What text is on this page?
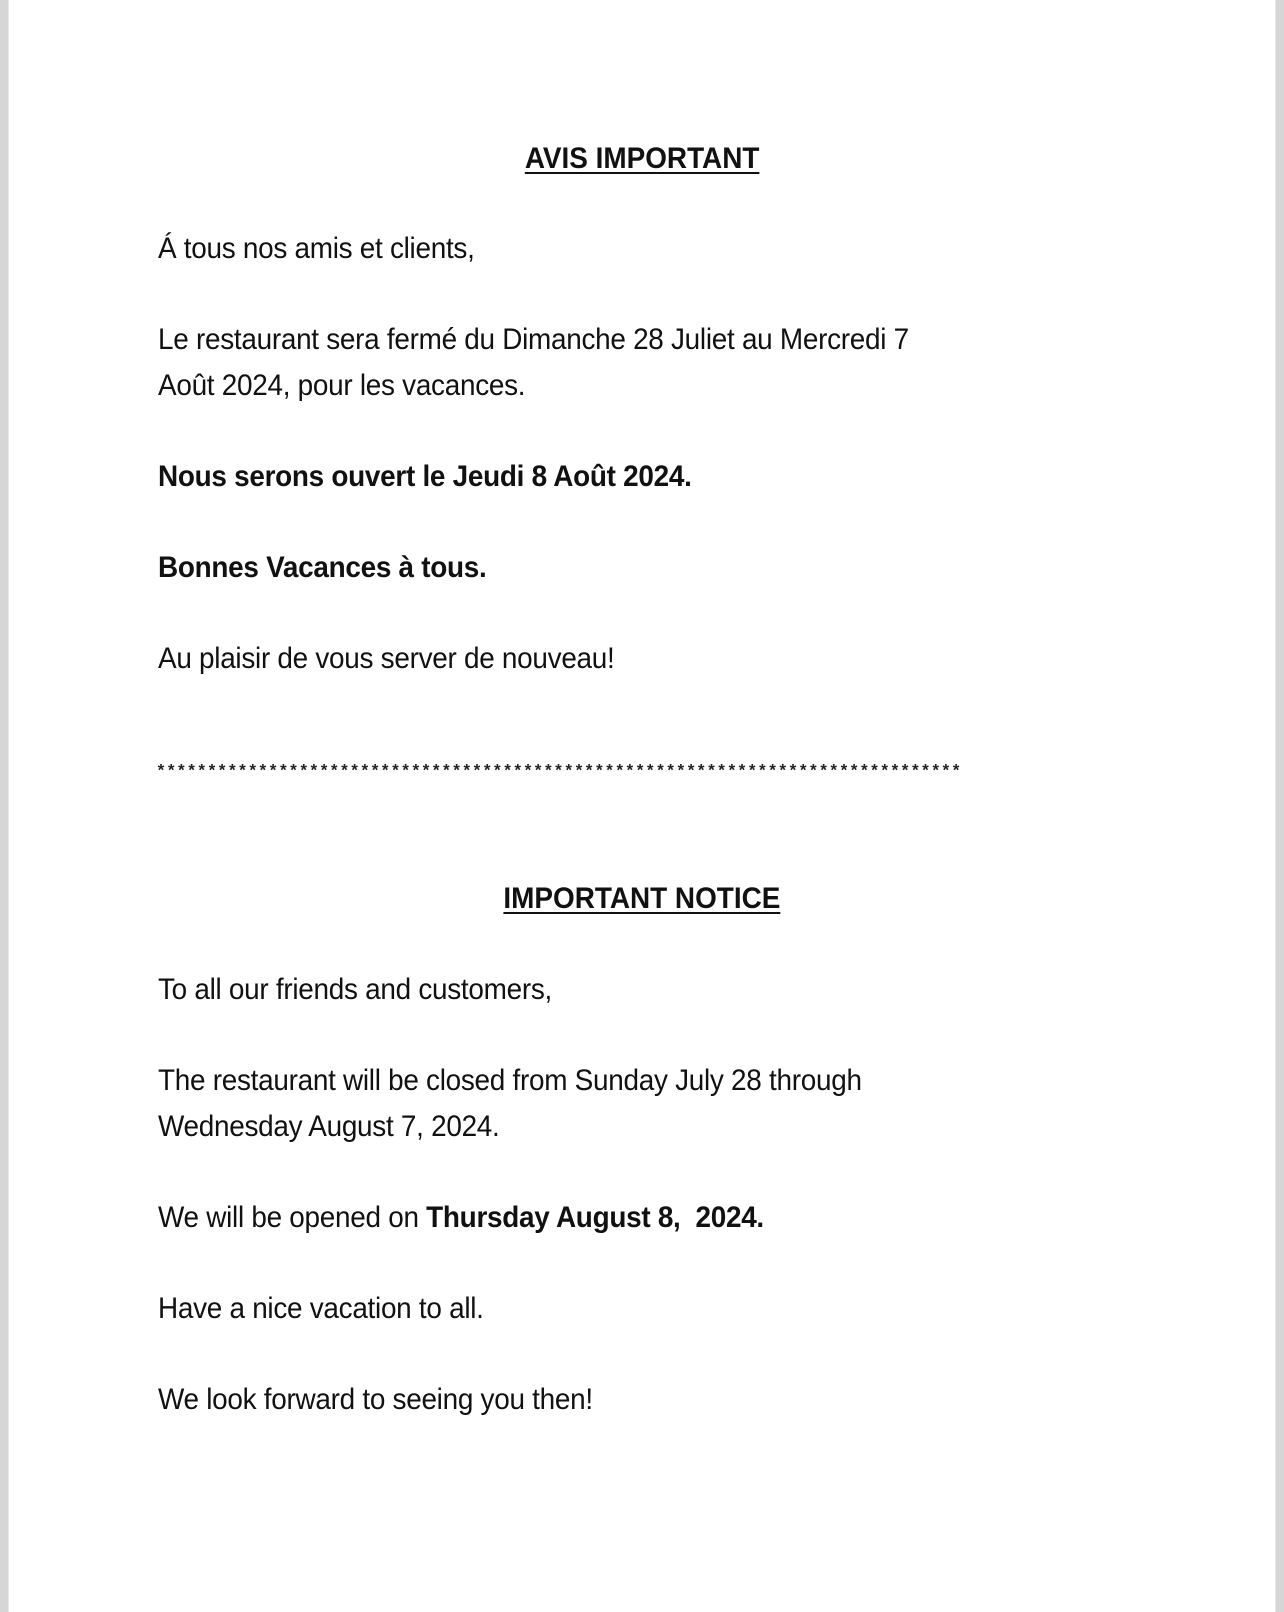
AVIS IMPORTANT
Á tous nos amis et clients,
Le restaurant sera fermé du Dimanche 28 Juliet au Mercredi 7
Août 2024, pour les vacances.
Nous serons ouvert le Jeudi 8 Août 2024.
Bonnes Vacances à tous.
Au plaisir de vous server de nouveau!
*******************************************************************************
IMPORTANT NOTICE
To all our friends and customers,
The restaurant will be closed from Sunday July 28 through
Wednesday August 7, 2024.
We will be opened on Thursday August 8,  2024.
Have a nice vacation to all.
We look forward to seeing you then!
